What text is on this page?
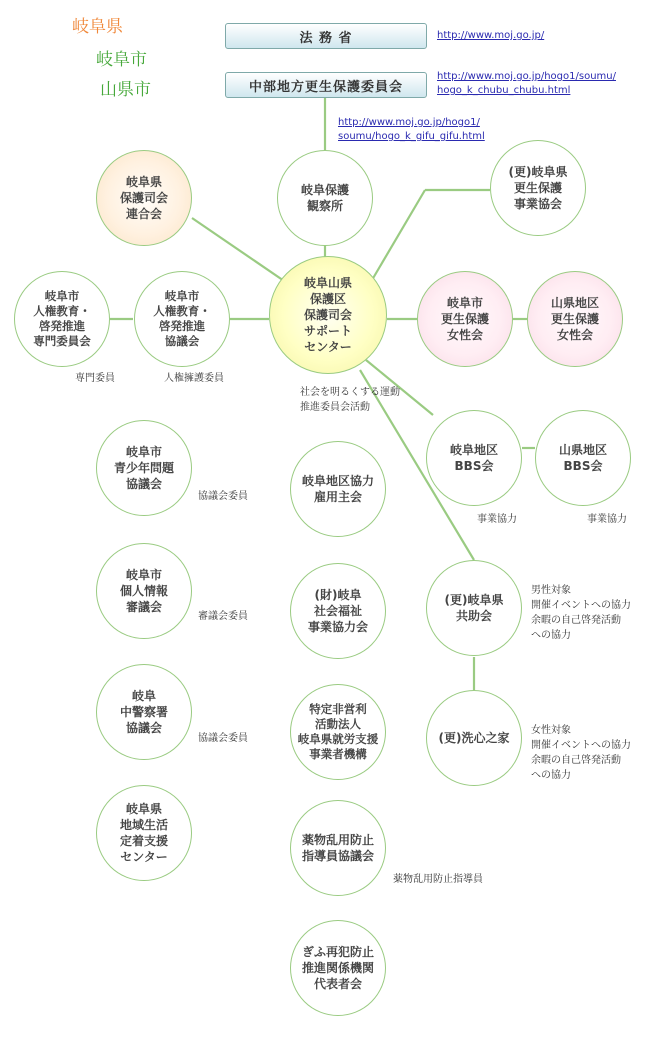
岐阜県
岐阜市
山県市
法 務 省
中部地方更生保護委員会
http://www.moj.go.jp/
http://www.moj.go.jp/hogo1/soumu/
hogo_k_chubu_chubu.html
http://www.moj.go.jp/hogo1/
soumu/hogo_k_gifu_gifu.html
岐阜県
保護司会
連合会
岐阜保護
観察所
(更)岐阜県
更生保護
事業協会
岐阜市
人権教育・
啓発推進
専門委員会
岐阜市
人権教育・
啓発推進
協議会
岐阜山県
保護区
保護司会
サポート
センター
岐阜市
更生保護
女性会
山県地区
更生保護
女性会
岐阜地区
BBS会
山県地区
BBS会
岐阜市
青少年問題
協議会	岐阜地区協力
雇用主会
岐阜市
個人情報
審議会
(財)岐阜
社会福祉
事業協力会
(更)岐阜県
共助会
岐阜
中警察署
協議会
特定非営利
活動法人
岐阜県就労支援
事業者機構
(更)洗心之家
岐阜県
地域生活
定着支援
センター
薬物乱用防止
指導員協議会
ぎふ再犯防止
推進関係機関
代表者会
専門委員	人権擁護委員
社会を明るくする運動
推進委員会活動
事業協力	事業協力
協議会委員
審議会委員
協議会委員
薬物乱用防止指導員
男性対象
開催イベントへの協力
余暇の自己啓発活動
への協力
女性対象
開催イベントへの協力
余暇の自己啓発活動
への協力
